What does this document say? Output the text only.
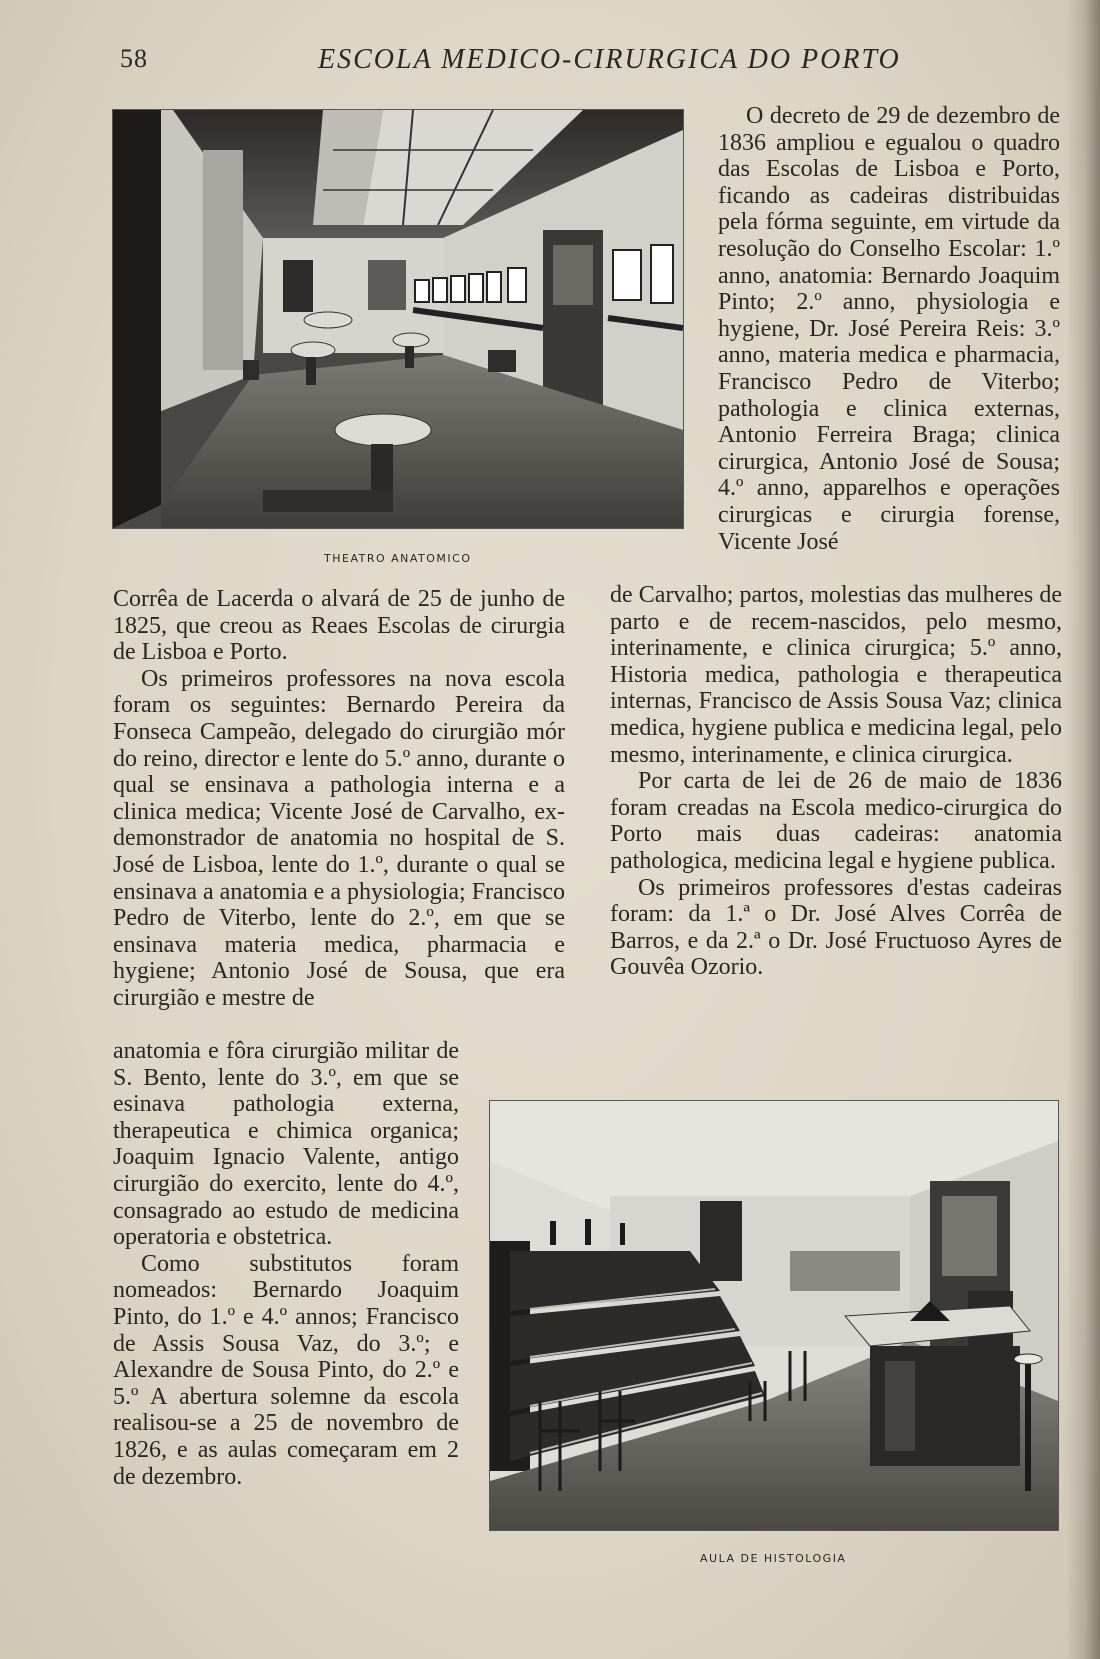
58	ESCOLA MEDICO-CIRURGICA DO PORTO
THEATRO ANATOMICO

O decreto de 29 de dezembro de 1836 ampliou e egualou o quadro das Escolas de Lisboa e Porto, ficando as cadeiras distribuidas pela fórma seguinte, em virtude da resolução do Conselho Escolar: 1.º anno, anatomia: Bernardo Joaquim Pinto; 2.º anno, physiologia e hygiene, Dr. José Pereira Reis: 3.º anno, materia medica e pharmacia, Francisco Pedro de Viterbo; pathologia e clinica externas, Antonio Ferreira Braga; clinica cirurgica, Antonio José de Sousa; 4.º anno, apparelhos e operações cirurgicas e cirurgia forense, Vicente José

de Carvalho; partos, molestias das mulheres de parto e de recem-nascidos, pelo mesmo, interinamente, e clinica cirurgica; 5.º anno, Historia medica, pathologia e therapeutica internas, Francisco de Assis Sousa Vaz; clinica medica, hygiene publica e medicina legal, pelo mesmo, interinamente, e clinica cirurgica.

Por carta de lei de 26 de maio de 1836 foram creadas na Escola medico-cirurgica do Porto mais duas cadeiras: anatomia pathologica, medicina legal e hygiene publica.

Os primeiros professores d'estas cadeiras foram: da 1.ª o Dr. José Alves Corrêa de Barros, e da 2.ª o Dr. José Fructuoso Ayres de Gouvêa Ozorio.

Corrêa de Lacerda o alvará de 25 de junho de 1825, que creou as Reaes Escolas de cirurgia de Lisboa e Porto.

Os primeiros professores na nova escola foram os seguintes: Bernardo Pereira da Fonseca Campeão, delegado do cirurgião mór do reino, director e lente do 5.º anno, durante o qual se ensinava a pathologia interna e a clinica medica; Vicente José de Carvalho, ex-demonstrador de anatomia no hospital de S. José de Lisboa, lente do 1.º, durante o qual se ensinava a anatomia e a physiologia; Francisco Pedro de Viterbo, lente do 2.º, em que se ensinava materia medica, pharmacia e hygiene; Antonio José de Sousa, que era cirurgião e mestre de

anatomia e fôra cirurgião militar de S. Bento, lente do 3.º, em que se esinava pathologia externa, therapeutica e chimica organica; Joaquim Ignacio Valente, antigo cirurgião do exercito, lente do 4.º, consagrado ao estudo de medicina operatoria e obstetrica.

Como substitutos foram nomeados: Bernardo Joaquim Pinto, do 1.º e 4.º annos; Francisco de Assis Sousa Vaz, do 3.º; e Alexandre de Sousa Pinto, do 2.º e 5.º A abertura solemne da escola realisou-se a 25 de novembro de 1826, e as aulas começaram em 2 de dezembro.

AULA DE HISTOLOGIA
